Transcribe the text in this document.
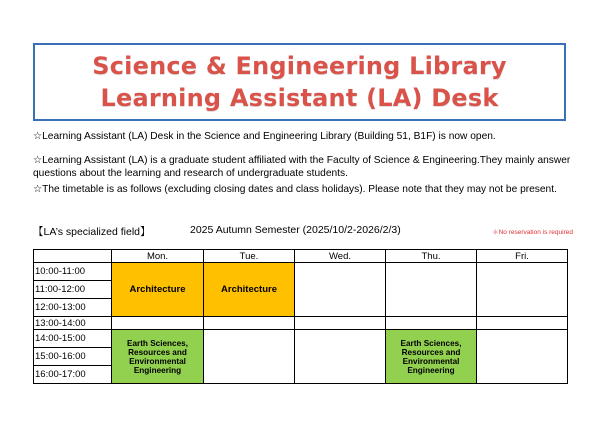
Science & Engineering Library
Learning Assistant (LA) Desk
☆Learning Assistant (LA) Desk in the Science and Engineering Library (Building 51, B1F) is now open.
☆Learning Assistant (LA) is a graduate student affiliated with the Faculty of Science & Engineering.They mainly answer questions about the learning and research of undergraduate students.
☆The timetable is as follows (excluding closing dates and class holidays). Please note that they may not be present.
【LA’s specialized field】	2025 Autumn Semester (2025/10/2-2026/2/3)	＊No reservation is required
	Mon.	Tue.	Wed.	Thu.	Fri.
10:00-11:00	Architecture	Architecture			

11:00-12:00					
12:00-13:00					
13:00-14:00					
14:00-15:00	Earth Sciences, Resources and Environmental Engineering			Earth Sciences, Resources and Environmental Engineering	

15:00-16:00					
16:00-17:00					
